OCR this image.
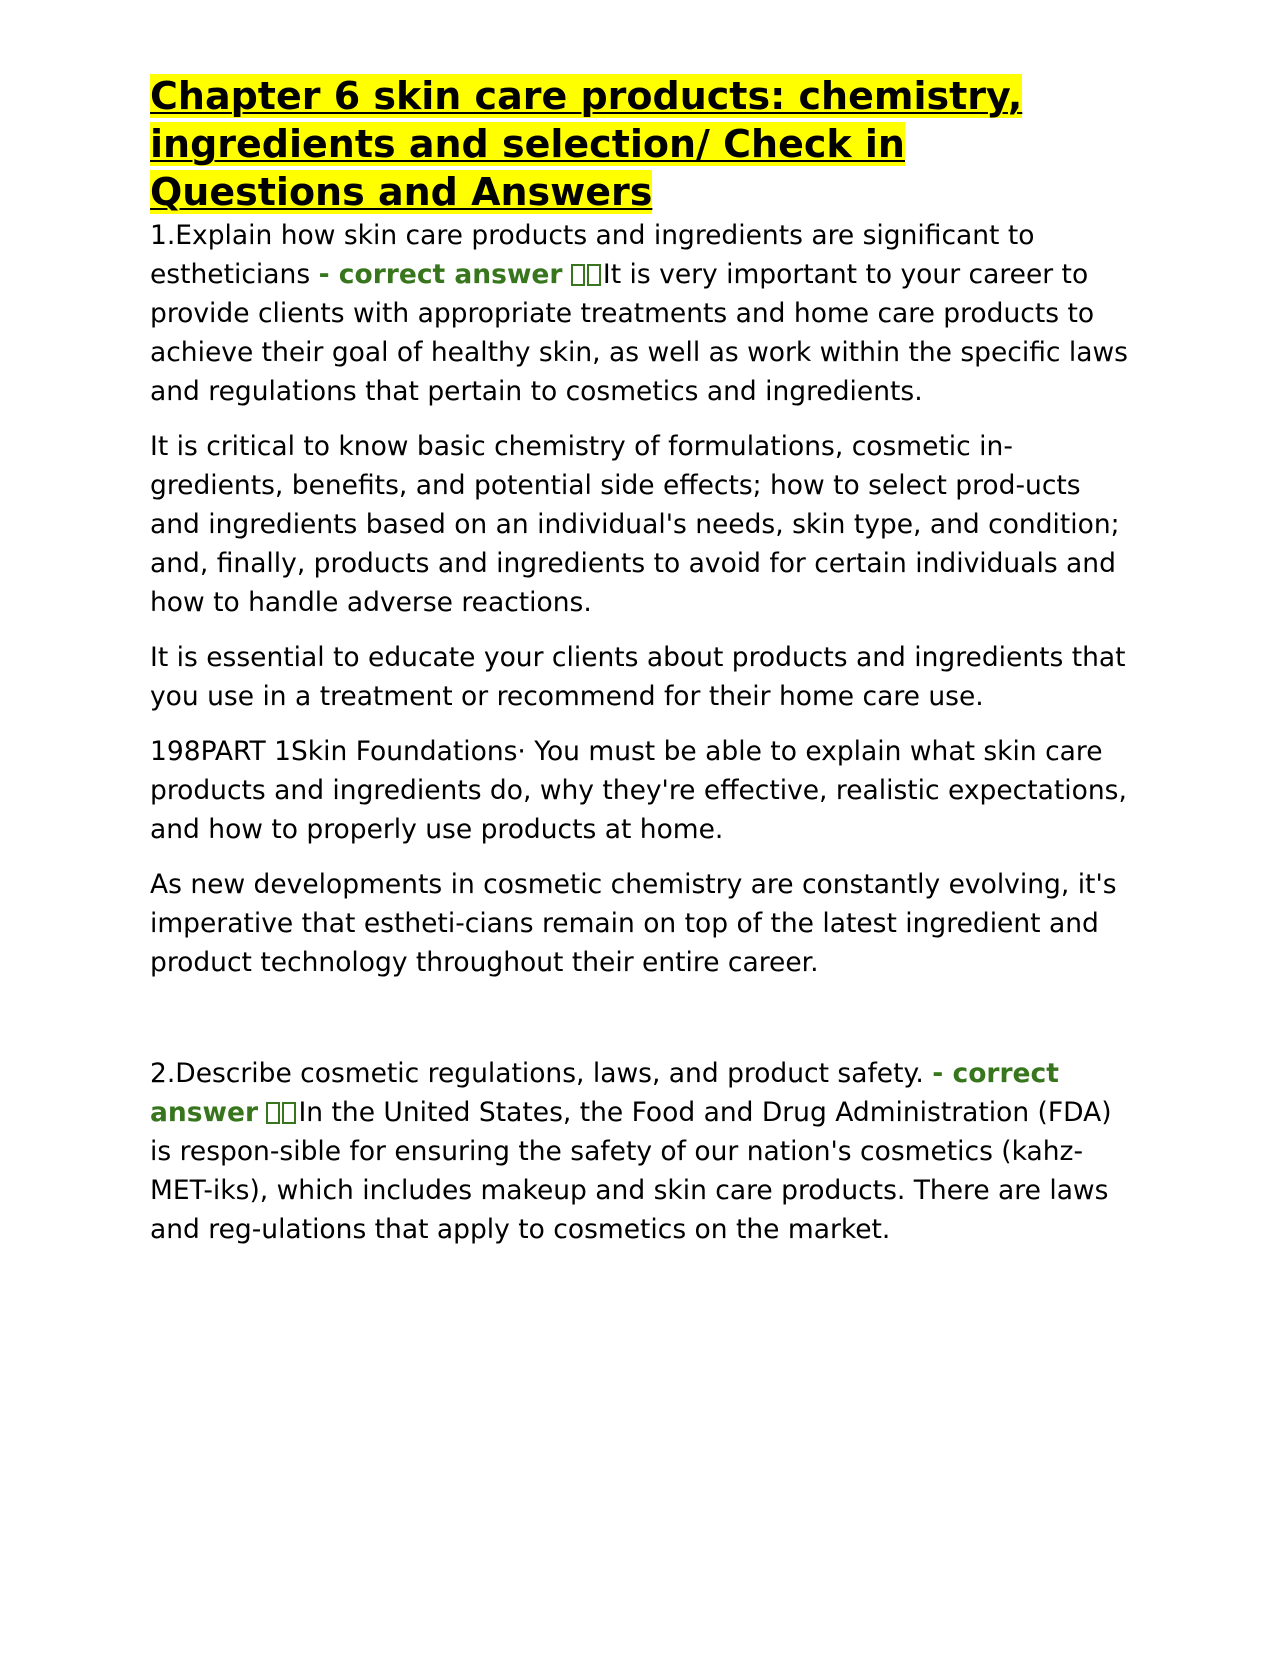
Chapter 6 skin care products: chemistry, ingredients and selection/ Check in Questions and Answers

1.Explain how skin care products and ingredients are significant to estheticians - correct answer It is very important to your career to provide clients with appropriate treatments and home care products to achieve their goal of healthy skin, as well as work within the specific laws and regulations that pertain to cosmetics and ingredients.

It is critical to know basic chemistry of formulations, cosmetic in-gredients, benefits, and potential side effects; how to select prod-ucts and ingredients based on an individual's needs, skin type, and condition; and, finally, products and ingredients to avoid for certain individuals and how to handle adverse reactions.

It is essential to educate your clients about products and ingredients that you use in a treatment or recommend for their home care use.

198PART 1Skin Foundations· You must be able to explain what skin care products and ingredients do, why they're effective, realistic expectations, and how to properly use products at home.

As new developments in cosmetic chemistry are constantly evolving, it's imperative that estheti-cians remain on top of the latest ingredient and product technology throughout their entire career.

2.Describe cosmetic regulations, laws, and product safety. - correct answer In the United States, the Food and Drug Administration (FDA) is respon-sible for ensuring the safety of our nation's cosmetics (kahz-MET-iks), which includes makeup and skin care products. There are laws and reg-ulations that apply to cosmetics on the market.
